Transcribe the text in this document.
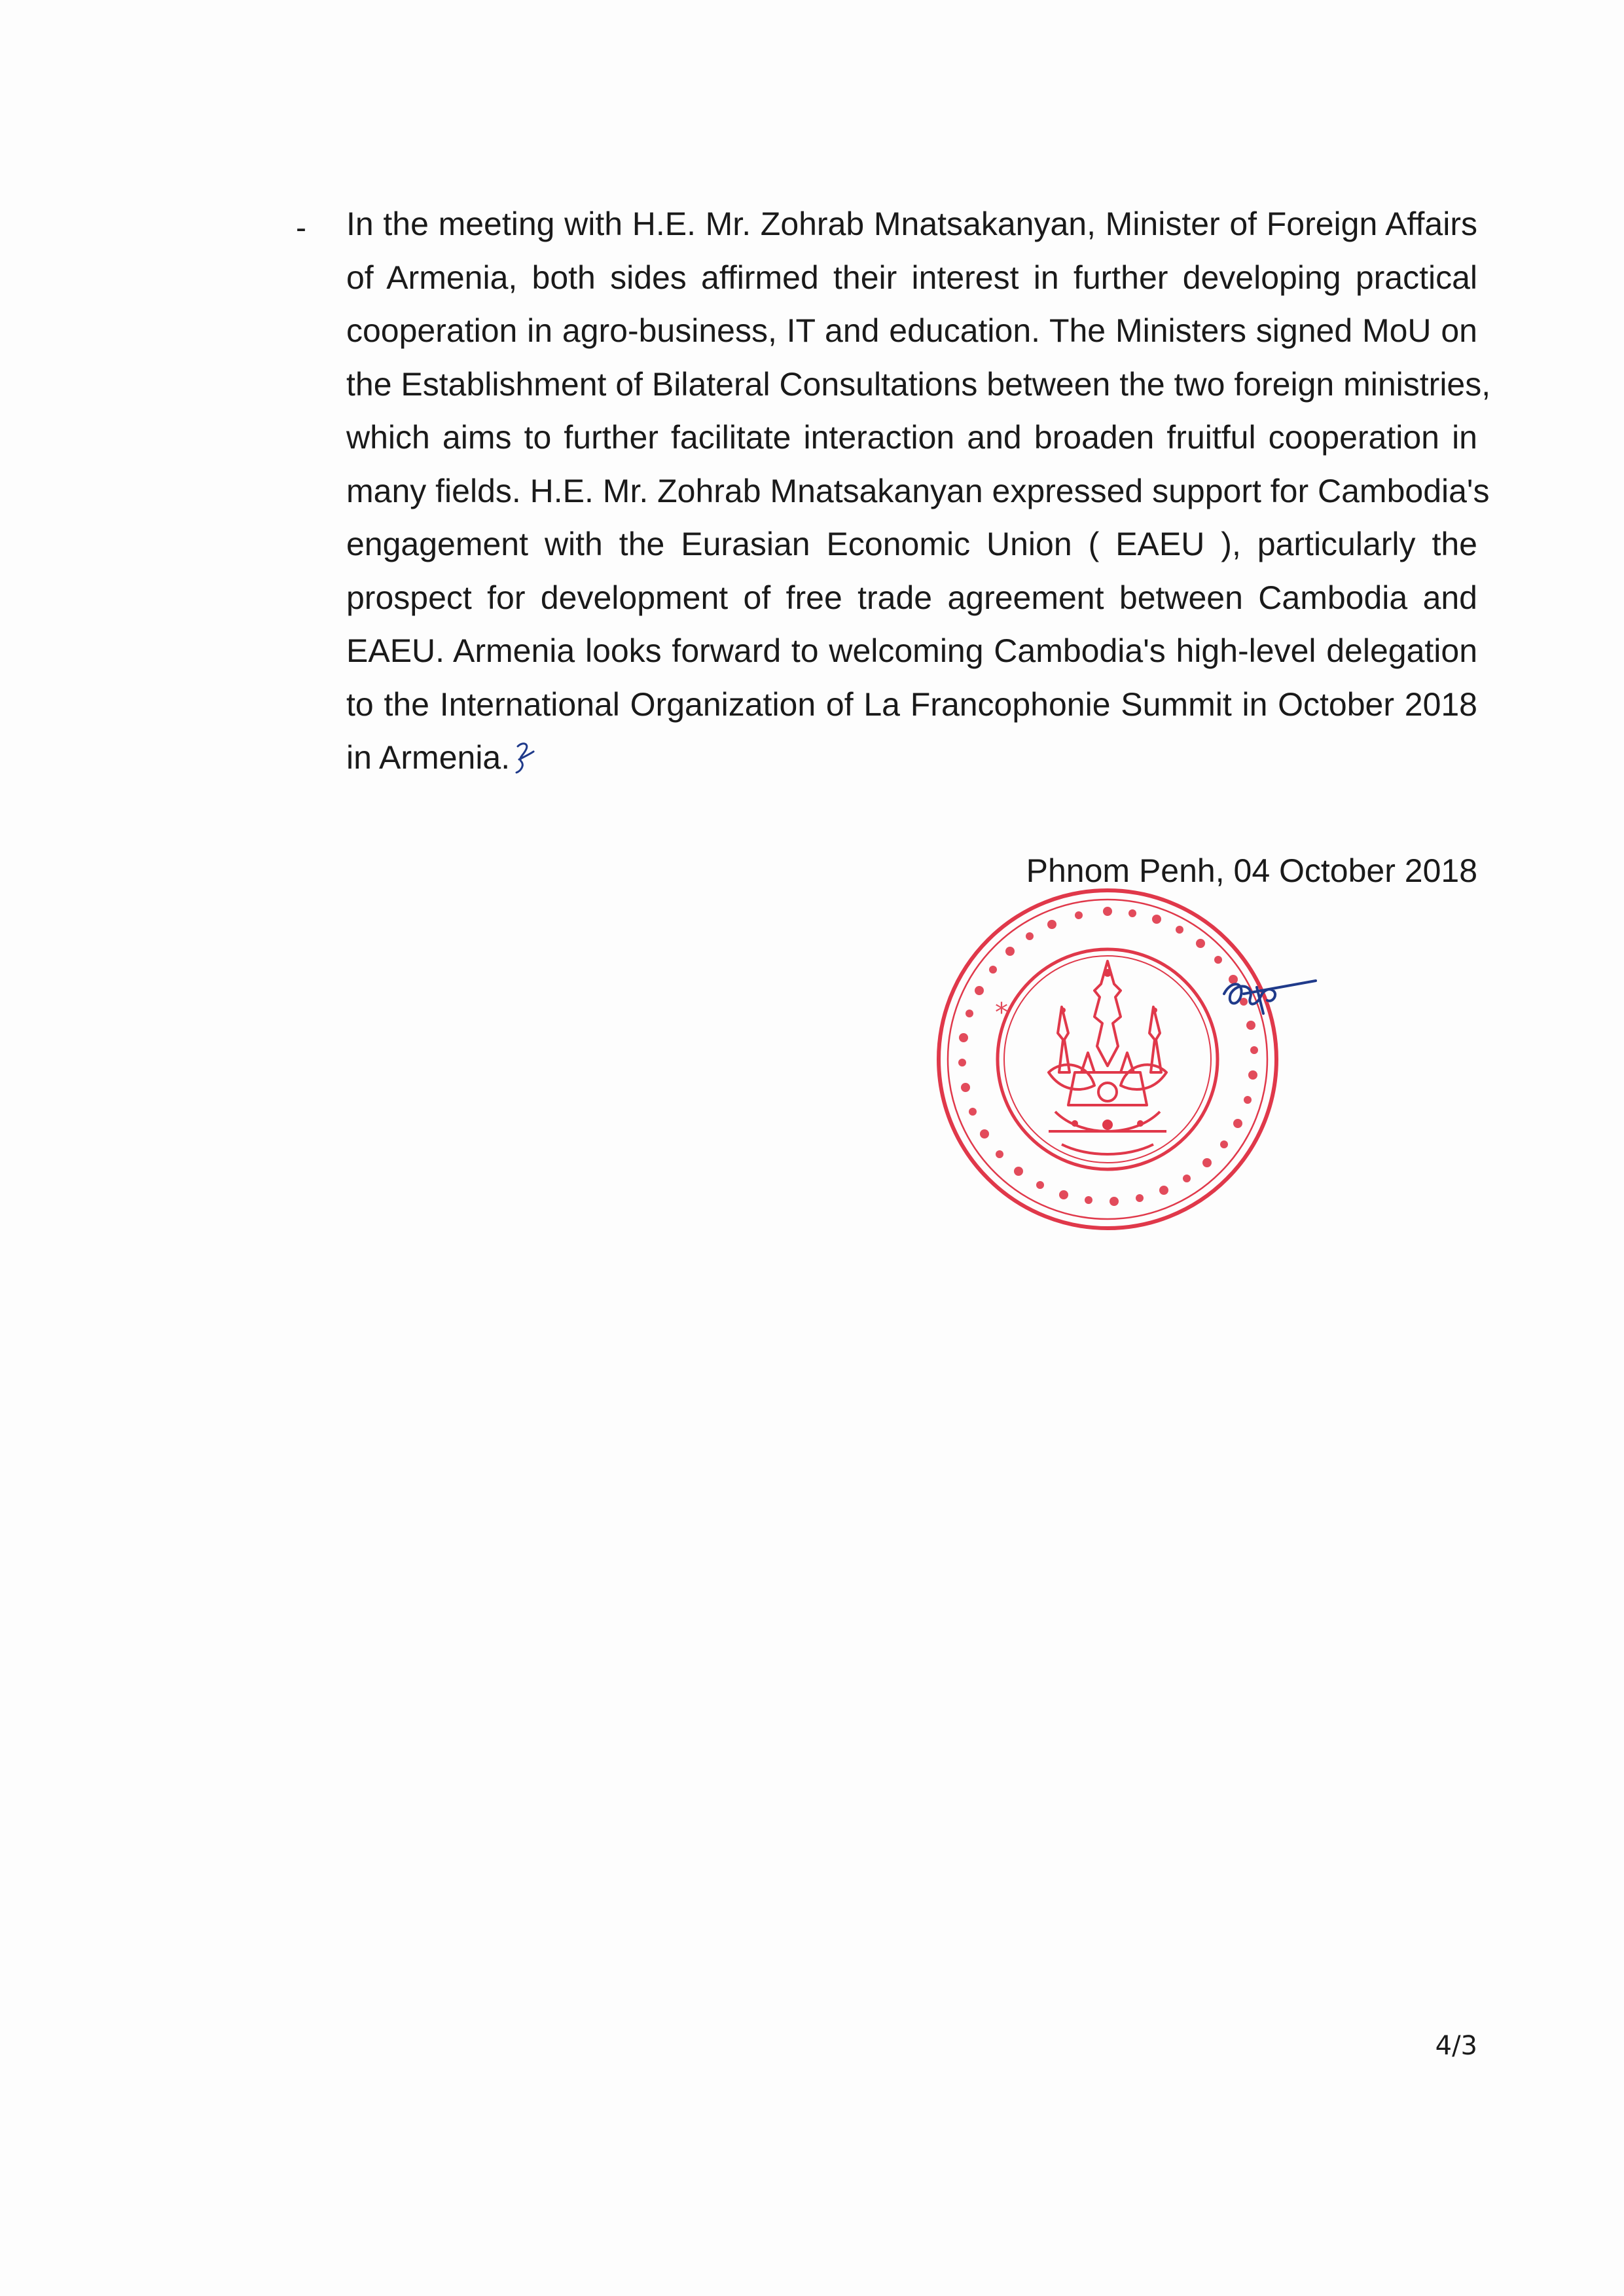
- In the meeting with H.E. Mr. Zohrab Mnatsakanyan, Minister of Foreign Affairs
of Armenia, both sides affirmed their interest in further developing practical
cooperation in agro-business, IT and education. The Ministers signed MoU on
the Establishment of Bilateral Consultations between the two foreign ministries,
which aims to further facilitate interaction and broaden fruitful cooperation in
many fields. H.E. Mr. Zohrab Mnatsakanyan expressed support for Cambodia's
engagement with the Eurasian Economic Union ( EAEU ), particularly the
prospect for development of free trade agreement between Cambodia and
EAEU. Armenia looks forward to welcoming Cambodia's high-level delegation
to the International Organization of La Francophonie Summit in October 2018
in Armenia.
Phnom Penh, 04 October 2018
*
4/3
